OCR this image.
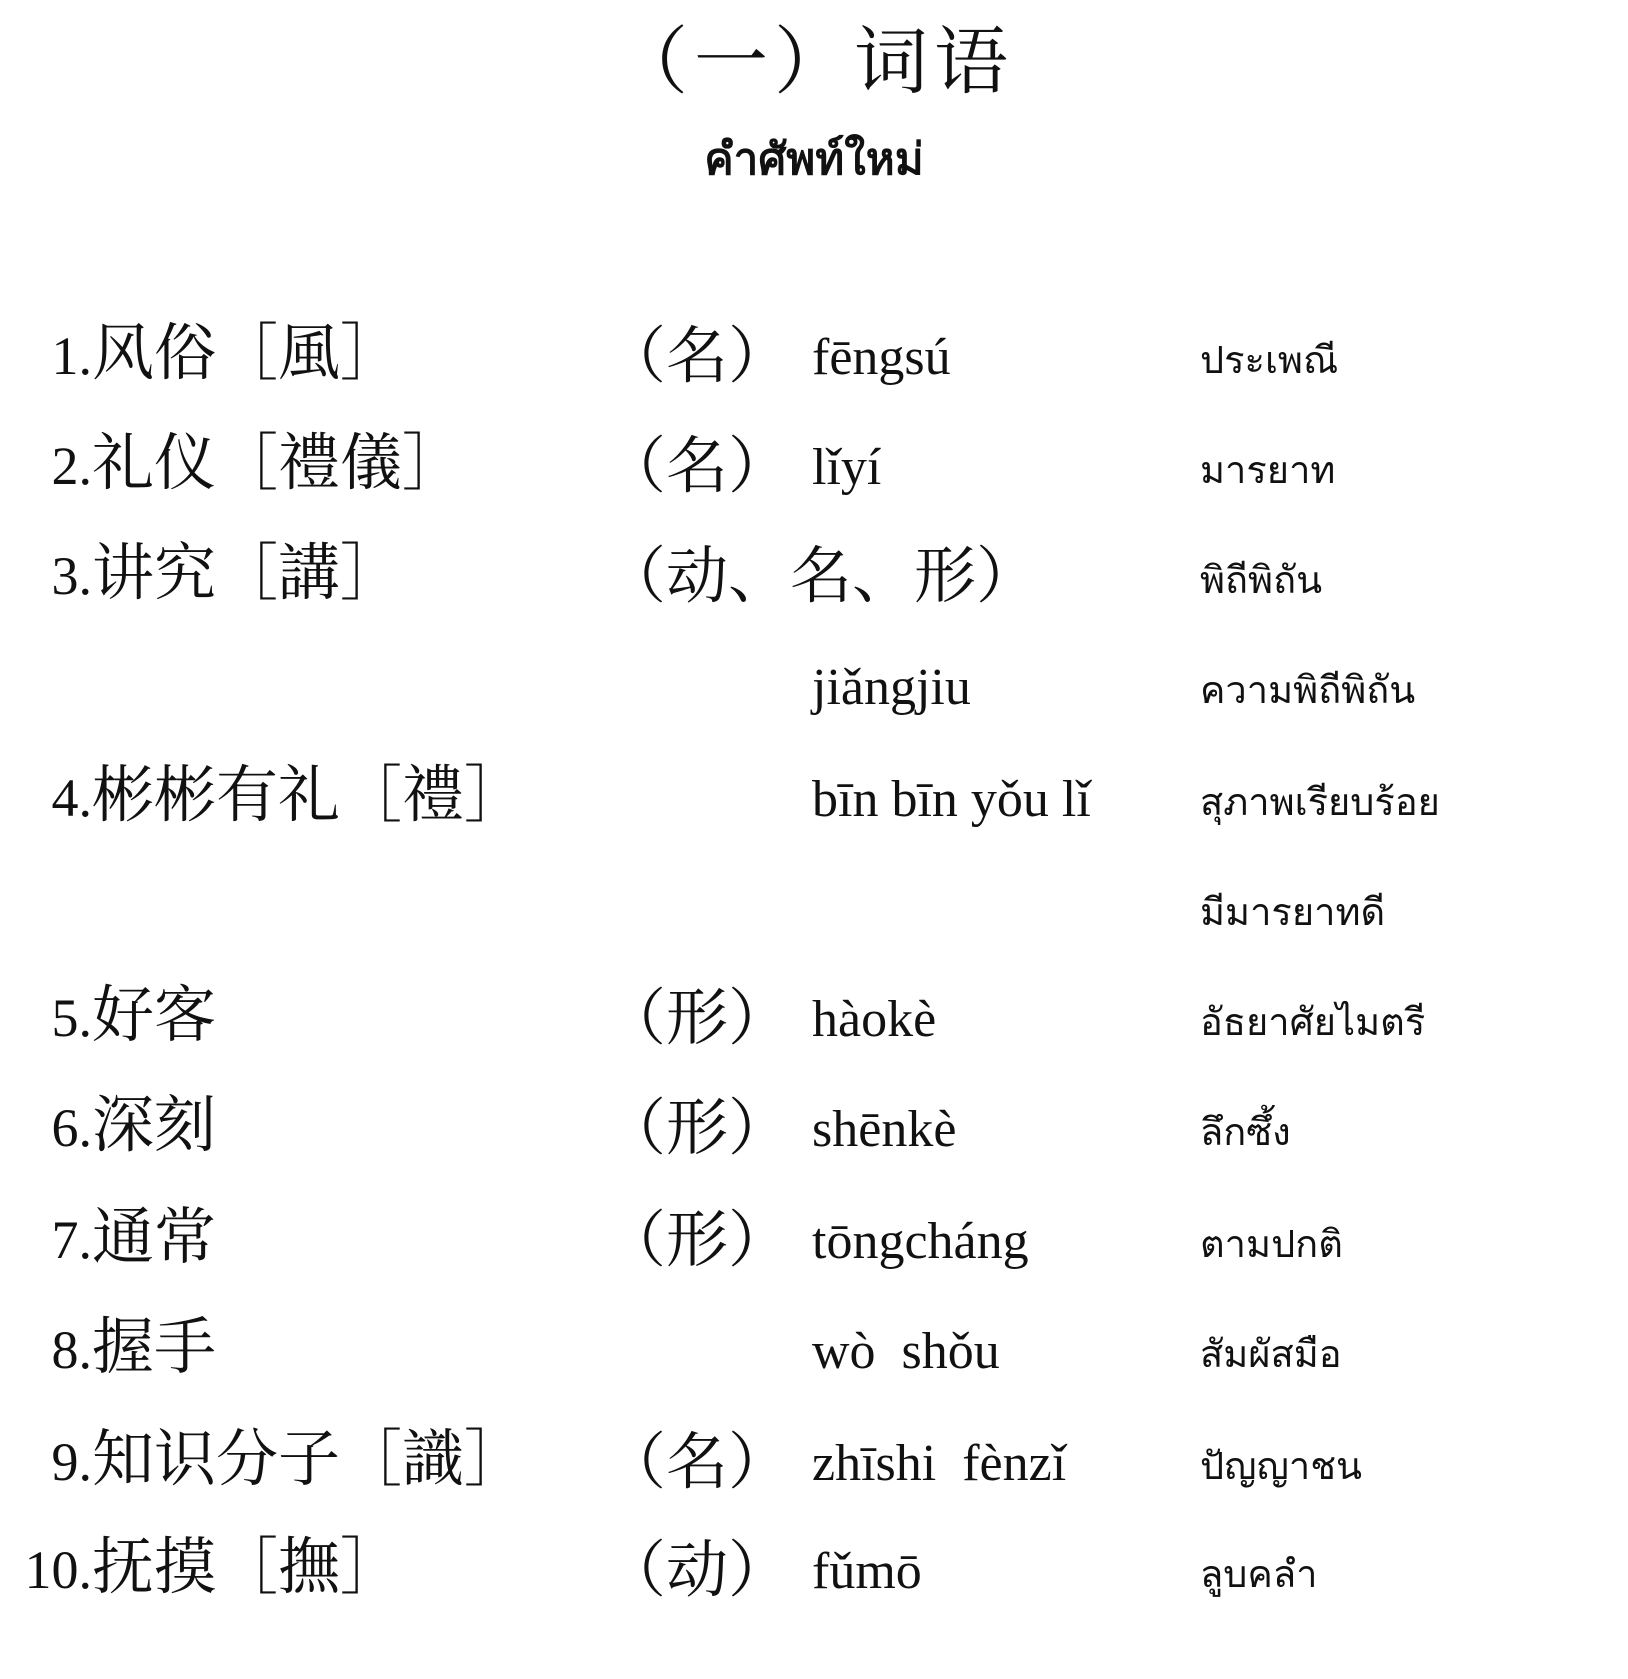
（一）词语
คำศัพท์ใหม่
1.风俗［風］	（名） fēngsú	ประเพณี
2.礼仪［禮儀］	（名） lǐyí	มารยาท
3.讲究［講］	（动、名、形）	พิถีพิถัน
jiǎngjiu	ความพิถีพิถัน
4.彬彬有礼［禮］	bīn bīn yǒu lǐ	สุภาพเรียบร้อย
มีมารยาทดี
5.好客	（形） hàokè	อัธยาศัยไมตรี
6.深刻	（形） shēnkè	ลึกซึ้ง
7.通常	（形） tōngcháng	ตามปกติ
8.握手	wò  shǒu	สัมผัสมือ
9.知识分子［識］	（名） zhīshi  fènzǐ	ปัญญาชน
10.抚摸［撫］	（动） fǔmō	ลูบคลำ
